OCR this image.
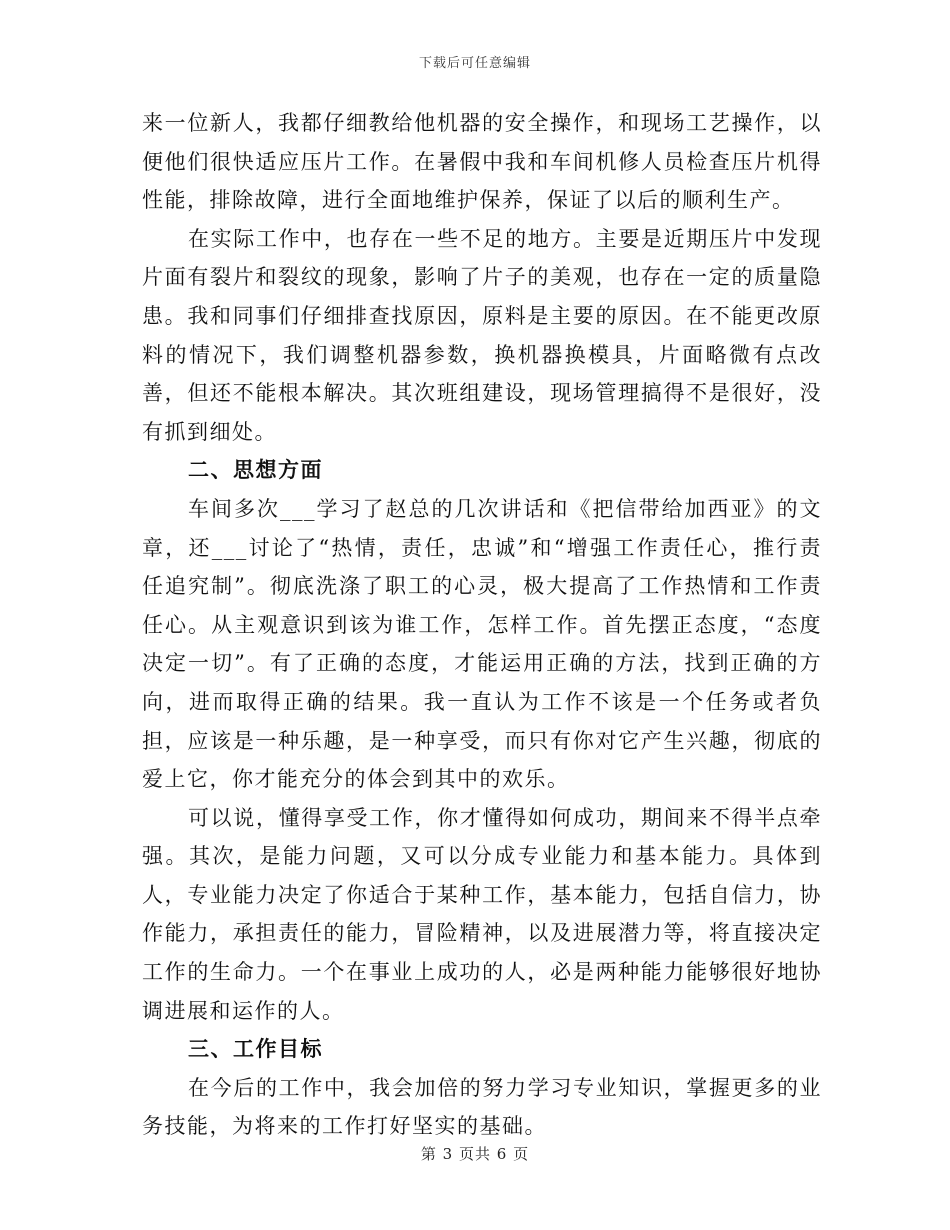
下载后可任意编辑

来一位新人，我都仔细教给他机器的安全操作，和现场工艺操作，以便他们很快适应压片工作。在暑假中我和车间机修人员检查压片机得性能，排除故障，进行全面地维护保养，保证了以后的顺利生产。

在实际工作中，也存在一些不足的地方。主要是近期压片中发现片面有裂片和裂纹的现象，影响了片子的美观，也存在一定的质量隐患。我和同事们仔细排查找原因，原料是主要的原因。在不能更改原料的情况下，我们调整机器参数，换机器换模具，片面略微有点改善，但还不能根本解决。其次班组建设，现场管理搞得不是很好，没有抓到细处。

二、思想方面

车间多次___学习了赵总的几次讲话和《把信带给加西亚》的文章，还___讨论了“热情，责任，忠诚”和“增强工作责任心，推行责任追究制”。彻底洗涤了职工的心灵，极大提高了工作热情和工作责任心。从主观意识到该为谁工作，怎样工作。首先摆正态度，“态度决定一切”。有了正确的态度，才能运用正确的方法，找到正确的方向，进而取得正确的结果。我一直认为工作不该是一个任务或者负担，应该是一种乐趣，是一种享受，而只有你对它产生兴趣，彻底的爱上它，你才能充分的体会到其中的欢乐。

可以说，懂得享受工作，你才懂得如何成功，期间来不得半点牵强。其次，是能力问题，又可以分成专业能力和基本能力。具体到人，专业能力决定了你适合于某种工作，基本能力，包括自信力，协作能力，承担责任的能力，冒险精神，以及进展潜力等，将直接决定工作的生命力。一个在事业上成功的人，必是两种能力能够很好地协调进展和运作的人。

三、工作目标

在今后的工作中，我会加倍的努力学习专业知识，掌握更多的业务技能，为将来的工作打好坚实的基础。

第 3 页共 6 页
